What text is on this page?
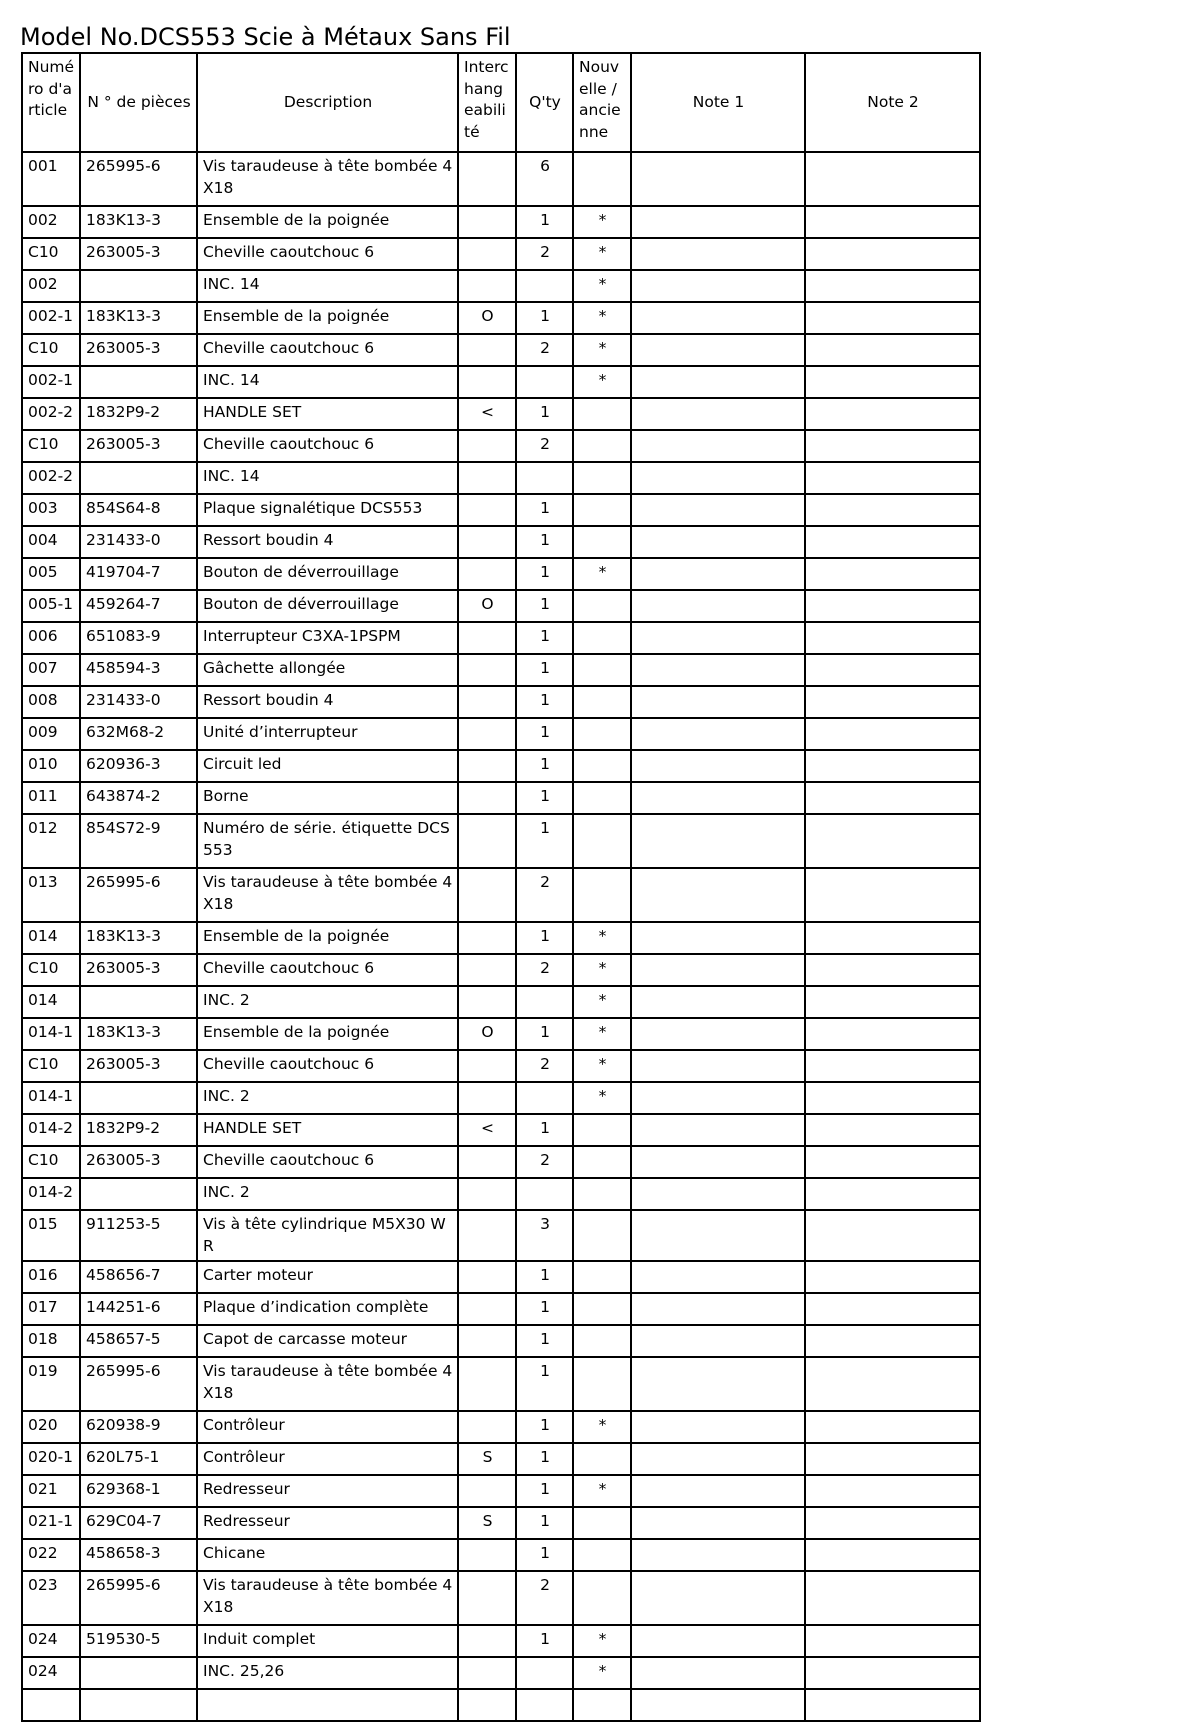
Model No.DCS553 Scie à Métaux Sans Fil
Numéro d'article	N ° de pièces	Description	Interchangeabilité	Q'ty	Nouvelle / ancienne	Note 1	Note 2
001	265995-6	Vis taraudeuse à tête bombée 4X18		6			
002	183K13-3	Ensemble de la poignée		1	*		
C10	263005-3	Cheville caoutchouc 6		2	*		
002		INC. 14			*		
002-1	183K13-3	Ensemble de la poignée	O	1	*		
C10	263005-3	Cheville caoutchouc 6		2	*		
002-1		INC. 14			*		
002-2	1832P9-2	HANDLE SET	<	1			
C10	263005-3	Cheville caoutchouc 6		2			
002-2		INC. 14					
003	854S64-8	Plaque signalétique DCS553		1			
004	231433-0	Ressort boudin 4		1			
005	419704-7	Bouton de déverrouillage		1	*		
005-1	459264-7	Bouton de déverrouillage	O	1			
006	651083-9	Interrupteur C3XA-1PSPM		1			
007	458594-3	Gâchette allongée		1			
008	231433-0	Ressort boudin 4		1			
009	632M68-2	Unité d’interrupteur		1			
010	620936-3	Circuit led		1			
011	643874-2	Borne		1			
012	854S72-9	Numéro de série. étiquette DCS553		1			
013	265995-6	Vis taraudeuse à tête bombée 4X18		2			
014	183K13-3	Ensemble de la poignée		1	*		
C10	263005-3	Cheville caoutchouc 6		2	*		
014		INC. 2			*		
014-1	183K13-3	Ensemble de la poignée	O	1	*		
C10	263005-3	Cheville caoutchouc 6		2	*		
014-1		INC. 2			*		
014-2	1832P9-2	HANDLE SET	<	1			
C10	263005-3	Cheville caoutchouc 6		2			
014-2		INC. 2					
015	911253-5	Vis à tête cylindrique M5X30 WR		3			
016	458656-7	Carter moteur		1			
017	144251-6	Plaque d’indication complète		1			
018	458657-5	Capot de carcasse moteur		1			
019	265995-6	Vis taraudeuse à tête bombée 4X18		1			
020	620938-9	Contrôleur		1	*		
020-1	620L75-1	Contrôleur	S	1			
021	629368-1	Redresseur		1	*		
021-1	629C04-7	Redresseur	S	1			
022	458658-3	Chicane		1			
023	265995-6	Vis taraudeuse à tête bombée 4X18		2			
024	519530-5	Induit complet		1	*		
024		INC. 25,26			*		
